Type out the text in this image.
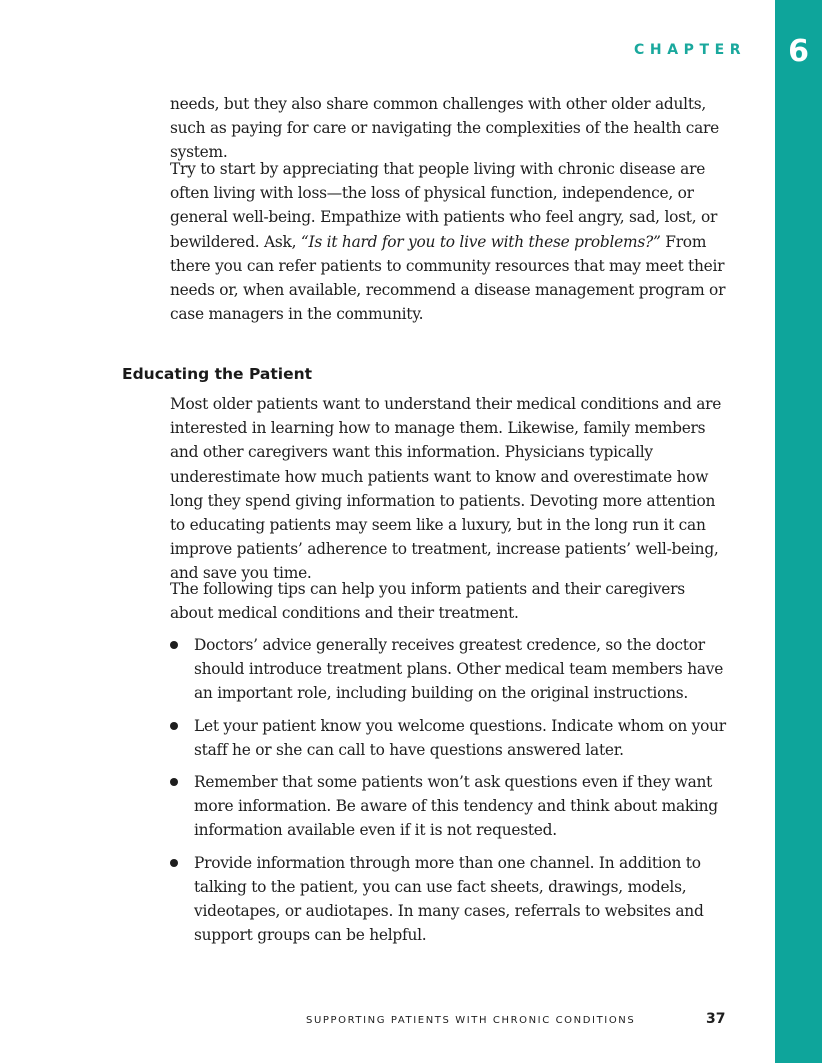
6
CHAPTER

needs, but they also share common challenges with other older adults, such as paying for care or navigating the complexities of the health care system.

Try to start by appreciating that people living with chronic disease are often living with loss—the loss of physical function, independence, or general well-being. Empathize with patients who feel angry, sad, lost, or bewildered. Ask, “Is it hard for you to live with these problems?” From there you can refer patients to community resources that may meet their needs or, when available, recommend a disease management program or case managers in the community.

Educating the Patient

Most older patients want to understand their medical conditions and are interested in learning how to manage them. Likewise, family members and other caregivers want this information. Physicians typically underestimate how much patients want to know and overestimate how long they spend giving information to patients. Devoting more attention to educating patients may seem like a luxury, but in the long run it can improve patients’ adherence to treatment, increase patients’ well-being, and save you time.

The following tips can help you inform patients and their caregivers about medical conditions and their treatment.

Doctors’ advice generally receives greatest credence, so the doctor should introduce treatment plans. Other medical team members have an important role, including building on the original instructions.
Let your patient know you welcome questions. Indicate whom on your staff he or she can call to have questions answered later.
Remember that some patients won’t ask questions even if they want more information. Be aware of this tendency and think about making information available even if it is not requested.
Provide information through more than one channel. In addition to talking to the patient, you can use fact sheets, drawings, models, videotapes, or audiotapes. In many cases, referrals to websites and support groups can be helpful.
SUPPORTING PATIENTS WITH CHRONIC CONDITIONS	37
